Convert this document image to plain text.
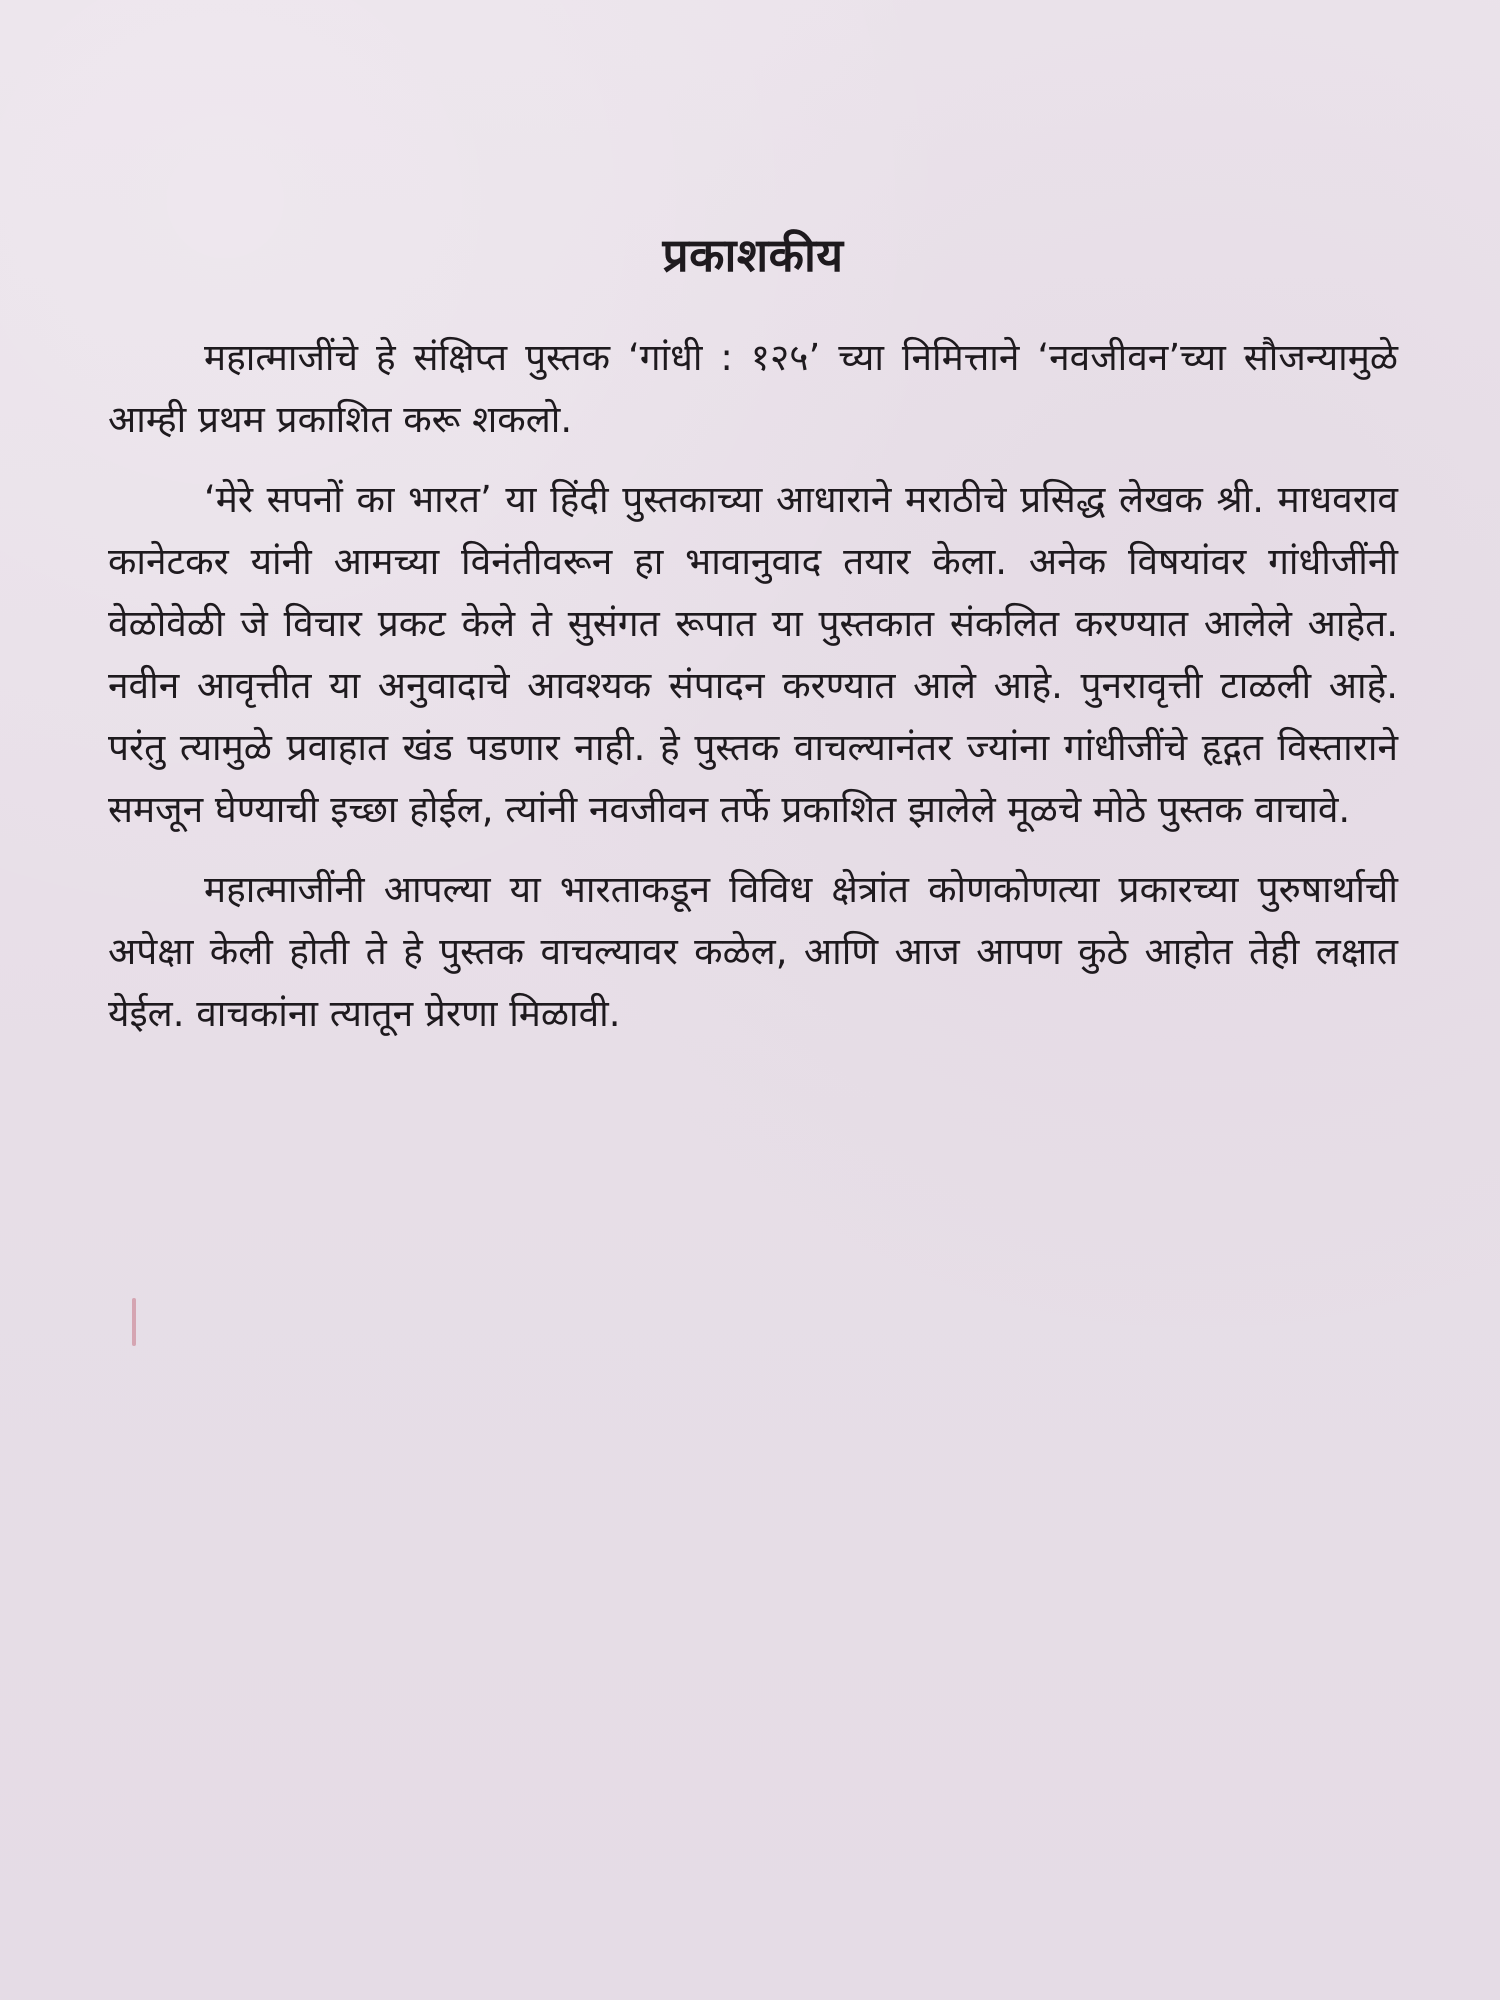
प्रकाशकीय

महात्माजींचे हे संक्षिप्त पुस्तक ‘गांधी : १२५’ च्या निमित्ताने ‘नवजीवन’च्या सौजन्यामुळे आम्ही प्रथम प्रकाशित करू शकलो.

‘मेरे सपनों का भारत’ या हिंदी पुस्तकाच्या आधाराने मराठीचे प्रसिद्ध लेखक श्री. माधवराव कानेटकर यांनी आमच्या विनंतीवरून हा भावानुवाद तयार केला. अनेक विषयांवर गांधीजींनी वेळोवेळी जे विचार प्रकट केले ते सुसंगत रूपात या पुस्तकात संकलित करण्यात आलेले आहेत. नवीन आवृत्तीत या अनुवादाचे आवश्यक संपादन करण्यात आले आहे. पुनरावृत्ती टाळली आहे. परंतु त्यामुळे प्रवाहात खंड पडणार नाही. हे पुस्तक वाचल्यानंतर ज्यांना गांधीजींचे हृद्गत विस्ताराने समजून घेण्याची इच्छा होईल, त्यांनी नवजीवन तर्फे प्रकाशित झालेले मूळचे मोठे पुस्तक वाचावे.

महात्माजींनी आपल्या या भारताकडून विविध क्षेत्रांत कोणकोणत्या प्रकारच्या पुरुषार्थाची अपेक्षा केली होती ते हे पुस्तक वाचल्यावर कळेल, आणि आज आपण कुठे आहोत तेही लक्षात येईल. वाचकांना त्यातून प्रेरणा मिळावी.
